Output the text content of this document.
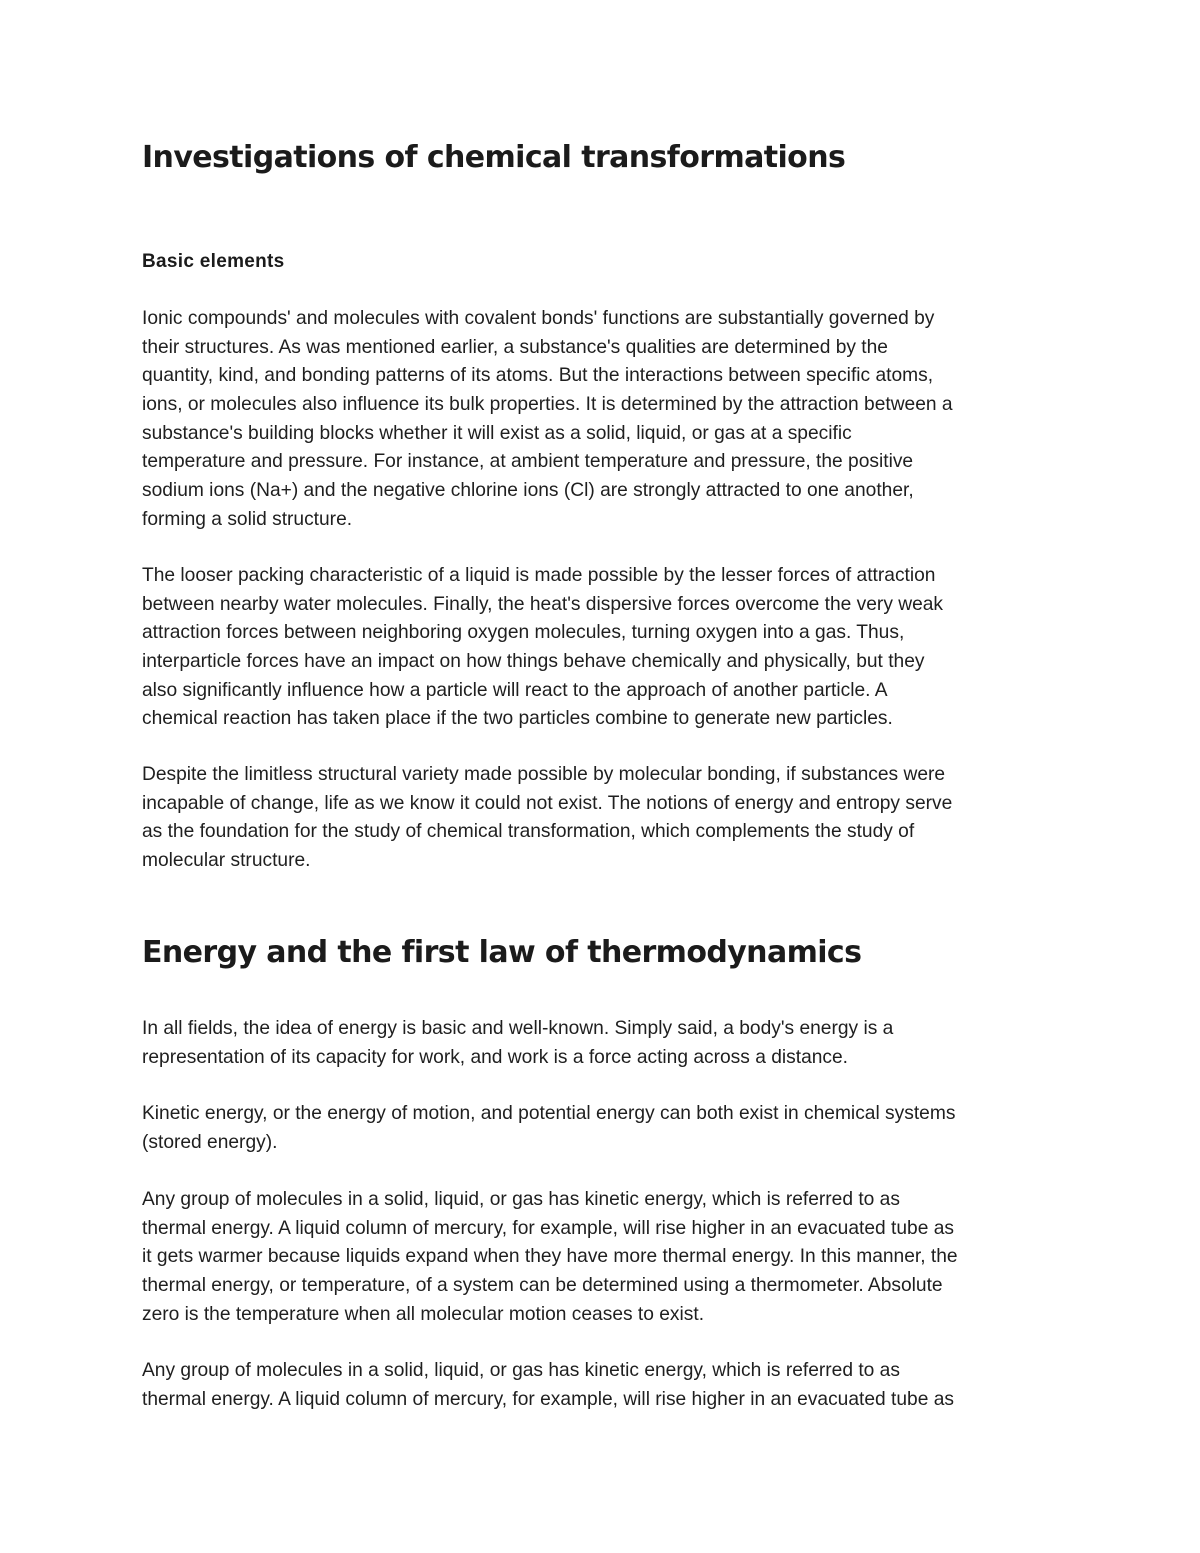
Investigations of chemical transformations
Basic elements
Ionic compounds' and molecules with covalent bonds' functions are substantially governed by
their structures. As was mentioned earlier, a substance's qualities are determined by the
quantity, kind, and bonding patterns of its atoms. But the interactions between specific atoms,
ions, or molecules also influence its bulk properties. It is determined by the attraction between a
substance's building blocks whether it will exist as a solid, liquid, or gas at a specific
temperature and pressure. For instance, at ambient temperature and pressure, the positive
sodium ions (Na+) and the negative chlorine ions (Cl) are strongly attracted to one another,
forming a solid structure.
The looser packing characteristic of a liquid is made possible by the lesser forces of attraction
between nearby water molecules. Finally, the heat's dispersive forces overcome the very weak
attraction forces between neighboring oxygen molecules, turning oxygen into a gas. Thus,
interparticle forces have an impact on how things behave chemically and physically, but they
also significantly influence how a particle will react to the approach of another particle. A
chemical reaction has taken place if the two particles combine to generate new particles.
Despite the limitless structural variety made possible by molecular bonding, if substances were
incapable of change, life as we know it could not exist. The notions of energy and entropy serve
as the foundation for the study of chemical transformation, which complements the study of
molecular structure.
Energy and the first law of thermodynamics
In all fields, the idea of energy is basic and well-known. Simply said, a body's energy is a
representation of its capacity for work, and work is a force acting across a distance.
Kinetic energy, or the energy of motion, and potential energy can both exist in chemical systems
(stored energy).
Any group of molecules in a solid, liquid, or gas has kinetic energy, which is referred to as
thermal energy. A liquid column of mercury, for example, will rise higher in an evacuated tube as
it gets warmer because liquids expand when they have more thermal energy. In this manner, the
thermal energy, or temperature, of a system can be determined using a thermometer. Absolute
zero is the temperature when all molecular motion ceases to exist.
Any group of molecules in a solid, liquid, or gas has kinetic energy, which is referred to as
thermal energy. A liquid column of mercury, for example, will rise higher in an evacuated tube as
